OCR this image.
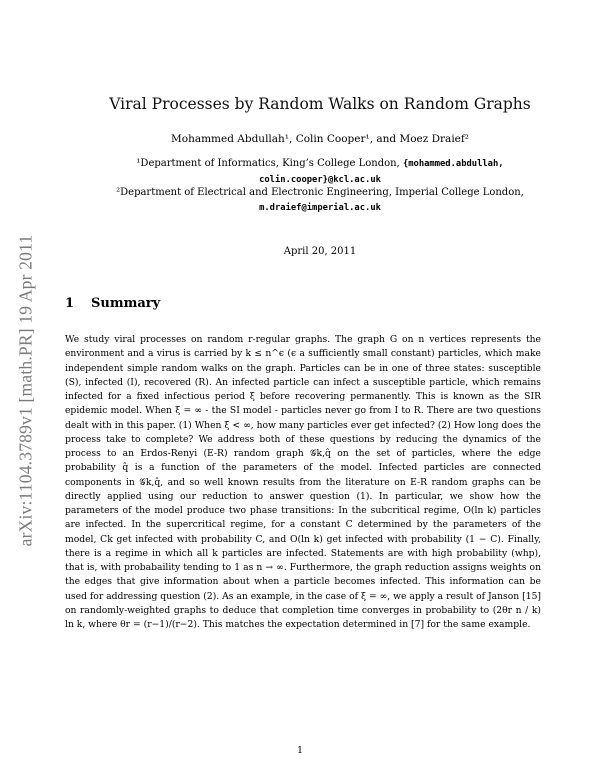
arXiv:1104.3789v1 [math.PR] 19 Apr 2011
Viral Processes by Random Walks on Random Graphs
Mohammed Abdullah¹, Colin Cooper¹, and Moez Draief²
¹Department of Informatics, King’s College London, {mohammed.abdullah,
colin.cooper}@kcl.ac.uk
²Department of Electrical and Electronic Engineering, Imperial College London,
m.draief@imperial.ac.uk
April 20, 2011
1 Summary

We study viral processes on random r-regular graphs. The graph G on n vertices represents the environment and a virus is carried by k ≤ n^ϵ (ϵ a sufficiently small constant) particles, which make independent simple random walks on the graph. Particles can be in one of three states: susceptible (S), infected (I), recovered (R). An infected particle can infect a susceptible particle, which remains infected for a fixed infectious period ξ before recovering permanently. This is known as the SIR epidemic model. When ξ = ∞ - the SI model - particles never go from I to R. There are two questions dealt with in this paper. (1) When ξ < ∞, how many particles ever get infected? (2) How long does the process take to complete? We address both of these questions by reducing the dynamics of the process to an Erdos-Renyi (E-R) random graph 𝒢k,q̂ on the set of particles, where the edge probability q̂ is a function of the parameters of the model. Infected particles are connected components in 𝒢k,q̂, and so well known results from the literature on E-R random graphs can be directly applied using our reduction to answer question (1). In particular, we show how the parameters of the model produce two phase transitions: In the subcritical regime, O(ln k) particles are infected. In the supercritical regime, for a constant C determined by the parameters of the model, Ck get infected with probability C, and O(ln k) get infected with probability (1 − C). Finally, there is a regime in which all k particles are infected. Statements are with high probability (whp), that is, with probabaility tending to 1 as n → ∞. Furthermore, the graph reduction assigns weights on the edges that give information about when a particle becomes infected. This information can be used for addressing question (2). As an example, in the case of ξ = ∞, we apply a result of Janson [15] on randomly-weighted graphs to deduce that completion time converges in probability to (2θr n / k) ln k, where θr = (r−1)/(r−2). This matches the expectation determined in [7] for the same example.

1
